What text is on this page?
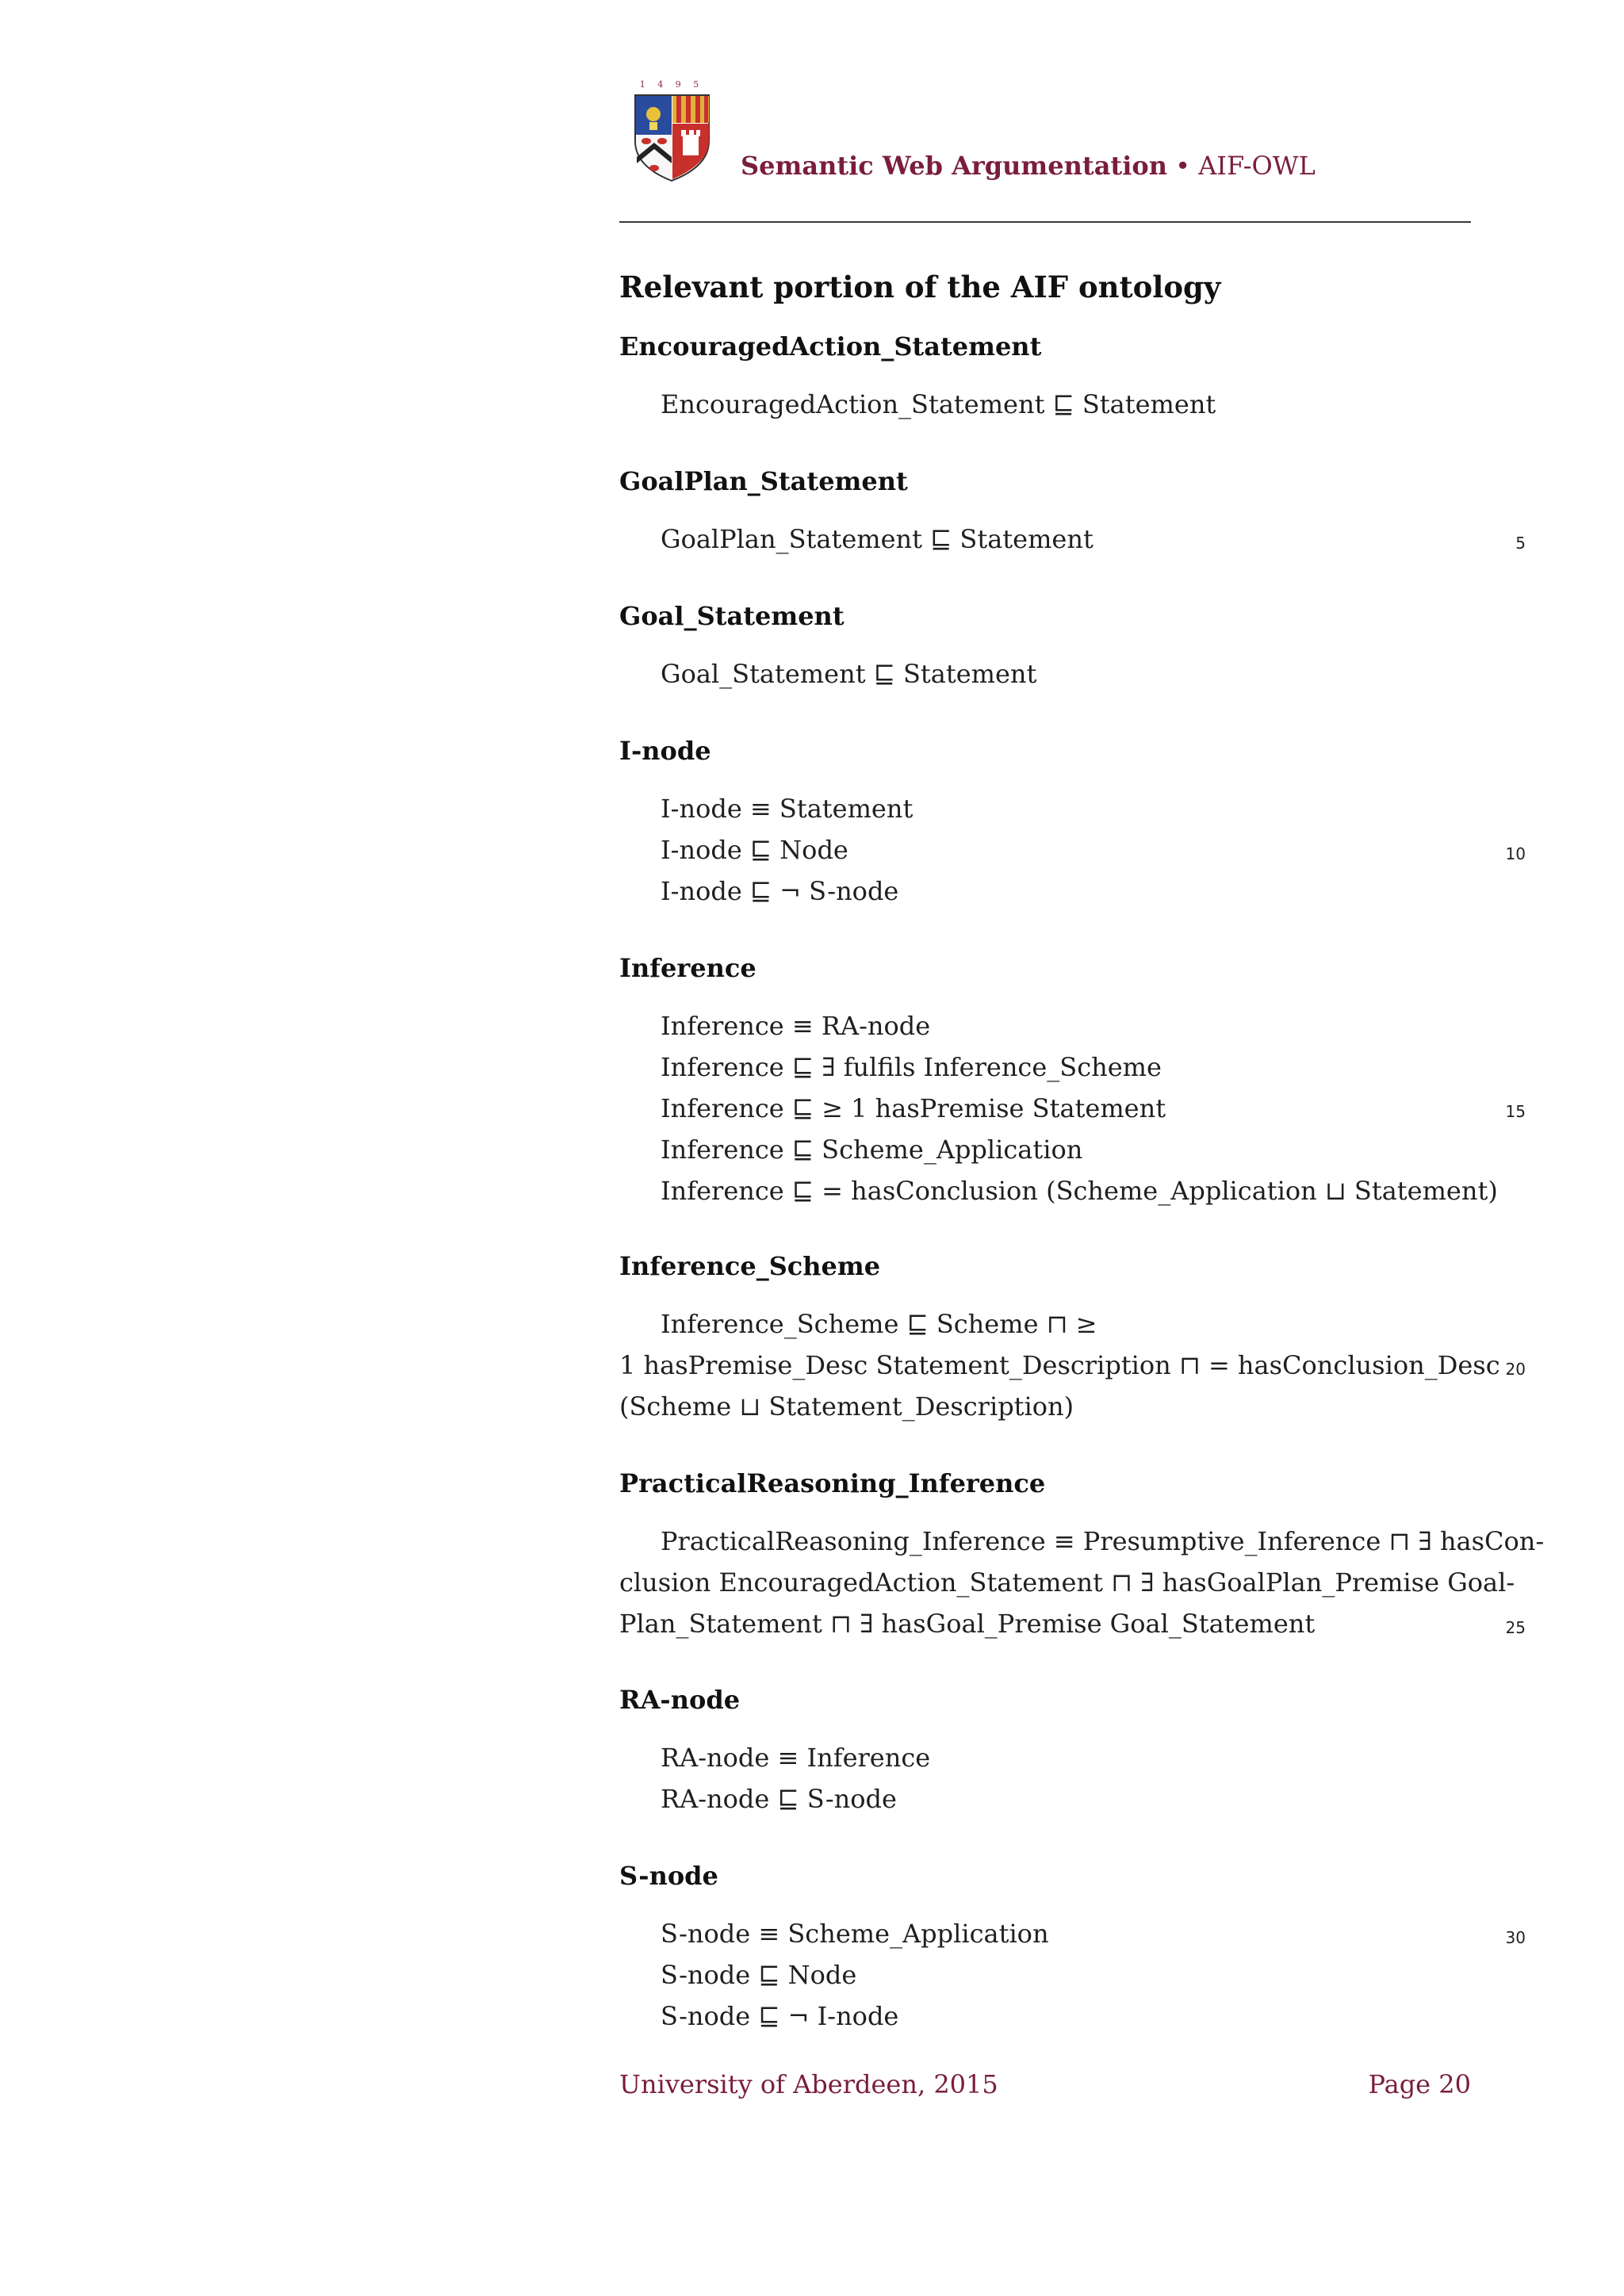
1 4 9 5
Semantic Web Argumentation • AIF-OWL
Relevant portion of the AIF ontology
EncouragedAction_Statement
EncouragedAction_Statement ⊑ Statement
GoalPlan_Statement
GoalPlan_Statement ⊑ Statement	5
Goal_Statement
Goal_Statement ⊑ Statement
I-node
I-node ≡ Statement
I-node ⊑ Node	10
I-node ⊑ ¬ S-node
Inference
Inference ≡ RA-node
Inference ⊑ ∃ fulfils Inference_Scheme
Inference ⊑ ≥ 1 hasPremise Statement	15
Inference ⊑ Scheme_Application
Inference ⊑ = hasConclusion (Scheme_Application ⊔ Statement)
Inference_Scheme
Inference_Scheme ⊑ Scheme ⊓ ≥
1 hasPremise_Desc Statement_Description ⊓ = hasConclusion_Desc 20
(Scheme ⊔ Statement_Description)
PracticalReasoning_Inference
PracticalReasoning_Inference ≡ Presumptive_Inference ⊓ ∃ hasCon-
clusion EncouragedAction_Statement ⊓ ∃ hasGoalPlan_Premise Goal-
Plan_Statement ⊓ ∃ hasGoal_Premise Goal_Statement	25
RA-node
RA-node ≡ Inference
RA-node ⊑ S-node
S-node
S-node ≡ Scheme_Application	30
S-node ⊑ Node
S-node ⊑ ¬ I-node
University of Aberdeen, 2015	Page 20
